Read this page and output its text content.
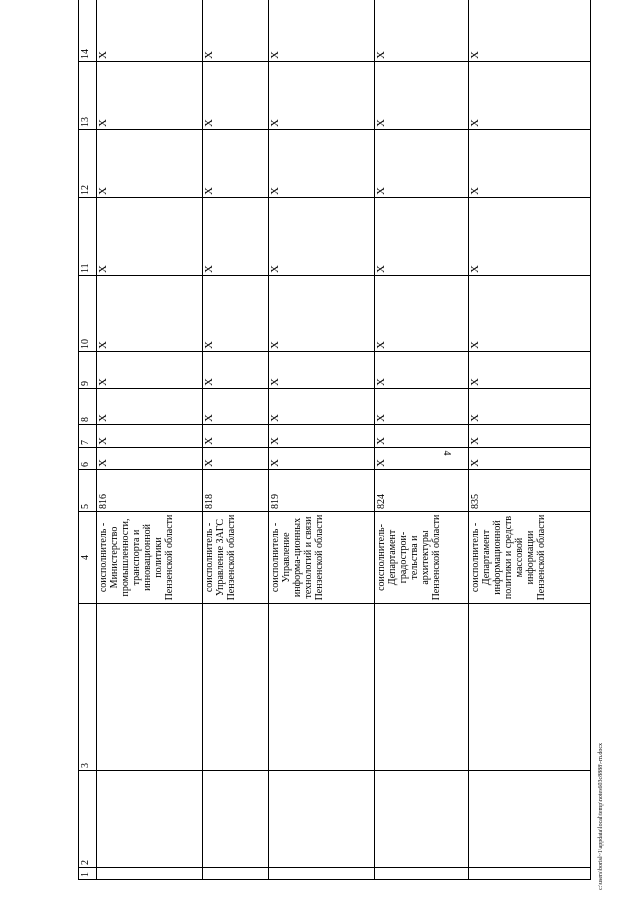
4
1	2	3	4	5	6	7	8	9	10	11	12	13	14
			соисполнитель - Министерство промышленности, транспорта и инновационной политики Пензенской области	816	X	X	X	X	X	X	X	X	X
			соисполнитель - Управление ЗАГС Пензенской области	818	X	X	X	X	X	X	X	X	X
			соисполнитель - Управление информа-ционных технологий и связи Пензенской области	819	X	X	X	X	X	X	X	X	X
			соисполнитель- Департамент градострои-тельства и архитектуры Пензенской области	824	X	X	X	X	X	X	X	X	X
			соисполнитель - Департамент информационной политики и средств массовой информации Пензенской области	835	X	X	X	X	X	X	X	X	X
c:\users\borisl~1\appdata\local\temp\notes603c8888\-rn.docx
